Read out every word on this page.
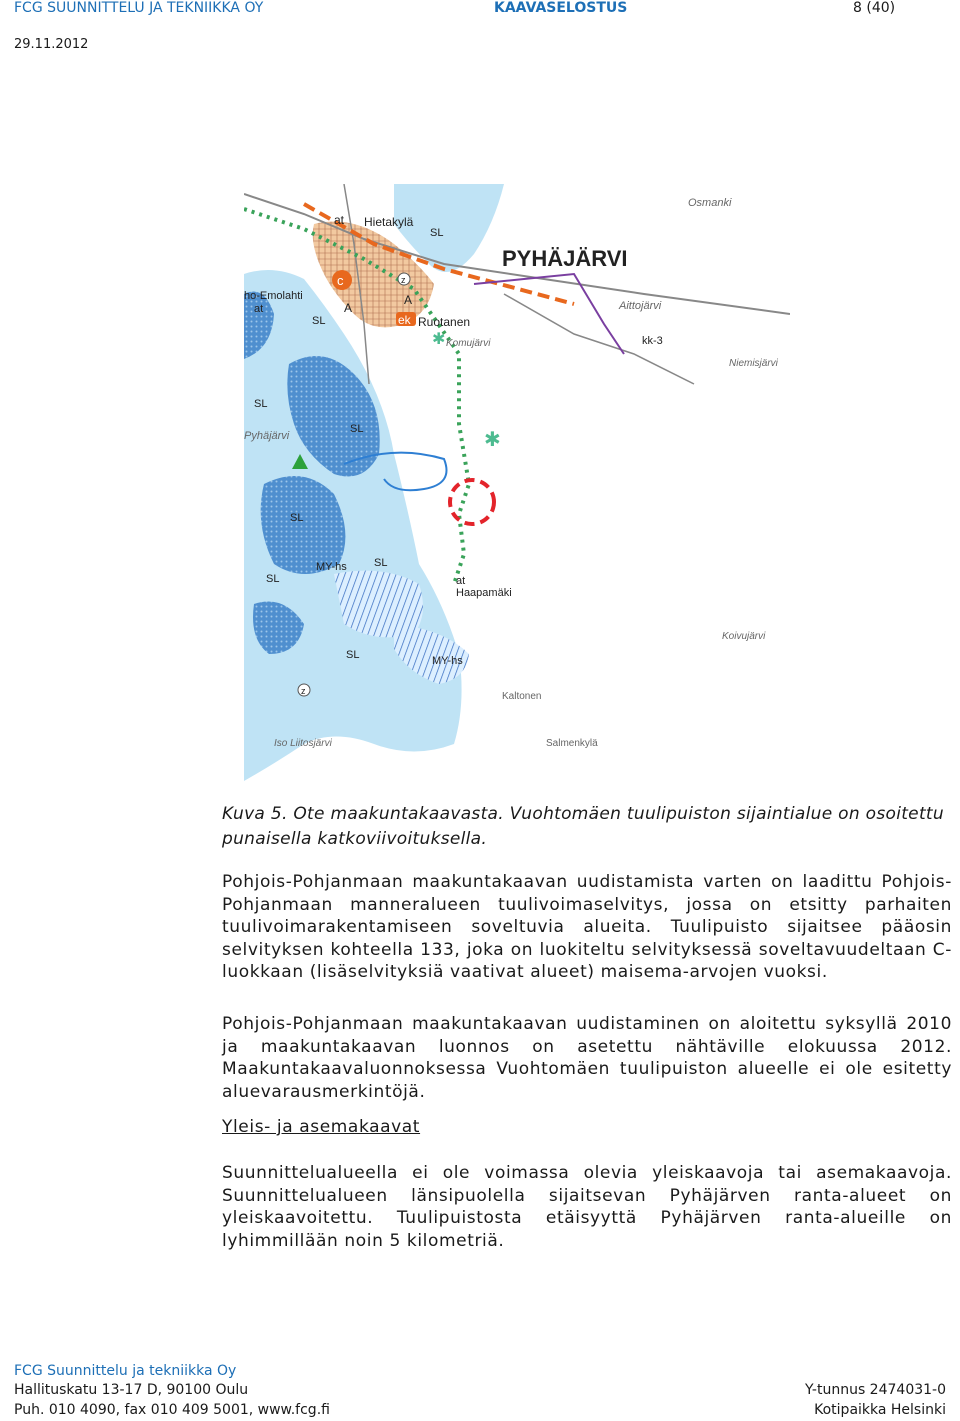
FCG SUUNNITTELU JA TEKNIIKKA OY	KAAVASELOSTUS	8 (40)
29.11.2012
✱
✱
c
ek
PYHÄJÄRVI
Hietakylä
at
Osmanki
ho-Emolahti
at
Ruotanen
Aittojärvi
Komujärvi
Niemisjärvi
kk-3
Pyhäjärvi
Haapamäki
at
Koivujärvi
Kaltonen
Salmenkylä
Iso Liitosjärvi
MY-hs
MY-hs
SL
SL
SL
SL
SL
SL
SL
SL
A
A
z
z
Kuva 5. Ote maakuntakaavasta. Vuohtomäen tuulipuiston sijaintialue on osoitettu punaisella katkoviivoituksella.
Pohjois-Pohjanmaan maakuntakaavan uudistamista varten on laadittu Pohjois-Pohjanmaan manneralueen tuulivoimaselvitys, jossa on etsitty parhaiten tuulivoimarakentamiseen soveltuvia alueita. Tuulipuisto sijaitsee pääosin selvityksen kohteella 133, joka on luokiteltu selvityksessä soveltavuudeltaan C-luokkaan (lisäselvityksiä vaativat alueet) maisema-arvojen vuoksi.
Pohjois-Pohjanmaan maakuntakaavan uudistaminen on aloitettu syksyllä 2010 ja maakuntakaavan luonnos on asetettu nähtäville elokuussa 2012. Maakuntakaavaluonnoksessa Vuohtomäen tuulipuiston alueelle ei ole esitetty aluevarausmerkintöjä.
Yleis- ja asemakaavat
Suunnittelualueella ei ole voimassa olevia yleiskaavoja tai asemakaavoja. Suunnittelualueen länsipuolella sijaitsevan Pyhäjärven ranta-alueet on yleiskaavoitettu. Tuulipuistosta etäisyyttä Pyhäjärven ranta-alueille on lyhimmillään noin 5 kilometriä.
FCG Suunnittelu ja tekniikka Oy
Hallituskatu 13-17 D, 90100 Oulu	Y-tunnus 2474031-0
Puh. 010 4090, fax 010 409 5001, www.fcg.fi	Kotipaikka Helsinki
